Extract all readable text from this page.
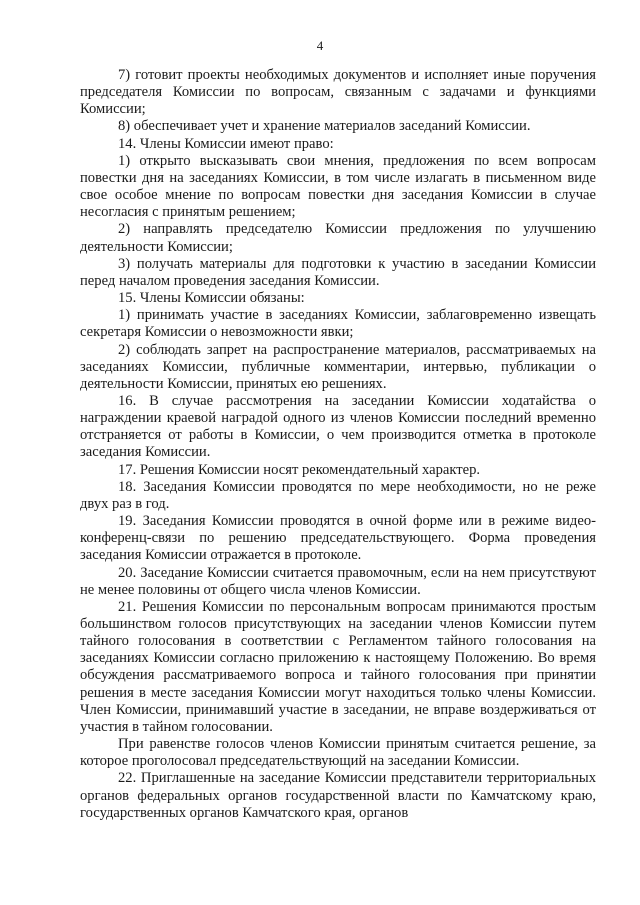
4

7) готовит проекты необходимых документов и исполняет иные поручения председателя Комиссии по вопросам, связанным с задачами и функциями Комиссии;

8) обеспечивает учет и хранение материалов заседаний Комиссии.

14. Члены Комиссии имеют право:

1) открыто высказывать свои мнения, предложения по всем вопросам повестки дня на заседаниях Комиссии, в том числе излагать в письменном виде свое особое мнение по вопросам повестки дня заседания Комиссии в случае несогласия с принятым решением;

2) направлять председателю Комиссии предложения по улучшению деятельности Комиссии;

3) получать материалы для подготовки к участию в заседании Комиссии перед началом проведения заседания Комиссии.

15. Члены Комиссии обязаны:

1) принимать участие в заседаниях Комиссии, заблаговременно извещать секретаря Комиссии о невозможности явки;

2) соблюдать запрет на распространение материалов, рассматриваемых на заседаниях Комиссии, публичные комментарии, интервью, публикации о деятельности Комиссии, принятых ею решениях.

16. В случае рассмотрения на заседании Комиссии ходатайства о награждении краевой наградой одного из членов Комиссии последний временно отстраняется от работы в Комиссии, о чем производится отметка в протоколе заседания Комиссии.

17. Решения Комиссии носят рекомендательный характер.

18. Заседания Комиссии проводятся по мере необходимости, но не реже двух раз в год.

19. Заседания Комиссии проводятся в очной форме или в режиме видео-конференц-связи по решению председательствующего. Форма проведения заседания Комиссии отражается в протоколе.

20. Заседание Комиссии считается правомочным, если на нем присутствуют не менее половины от общего числа членов Комиссии.

21. Решения Комиссии по персональным вопросам принимаются простым большинством голосов присутствующих на заседании членов Комиссии путем тайного голосования в соответствии с Регламентом тайного голосования на заседаниях Комиссии согласно приложению к настоящему Положению. Во время обсуждения рассматриваемого вопроса и тайного голосования при принятии решения в месте заседания Комиссии могут находиться только члены Комиссии. Член Комиссии, принимавший участие в заседании, не вправе воздерживаться от участия в тайном голосовании.

При равенстве голосов членов Комиссии принятым считается решение, за которое проголосовал председательствующий на заседании Комиссии.

22. Приглашенные на заседание Комиссии представители территориальных органов федеральных органов государственной власти по Камчатскому краю, государственных органов Камчатского края, органов
